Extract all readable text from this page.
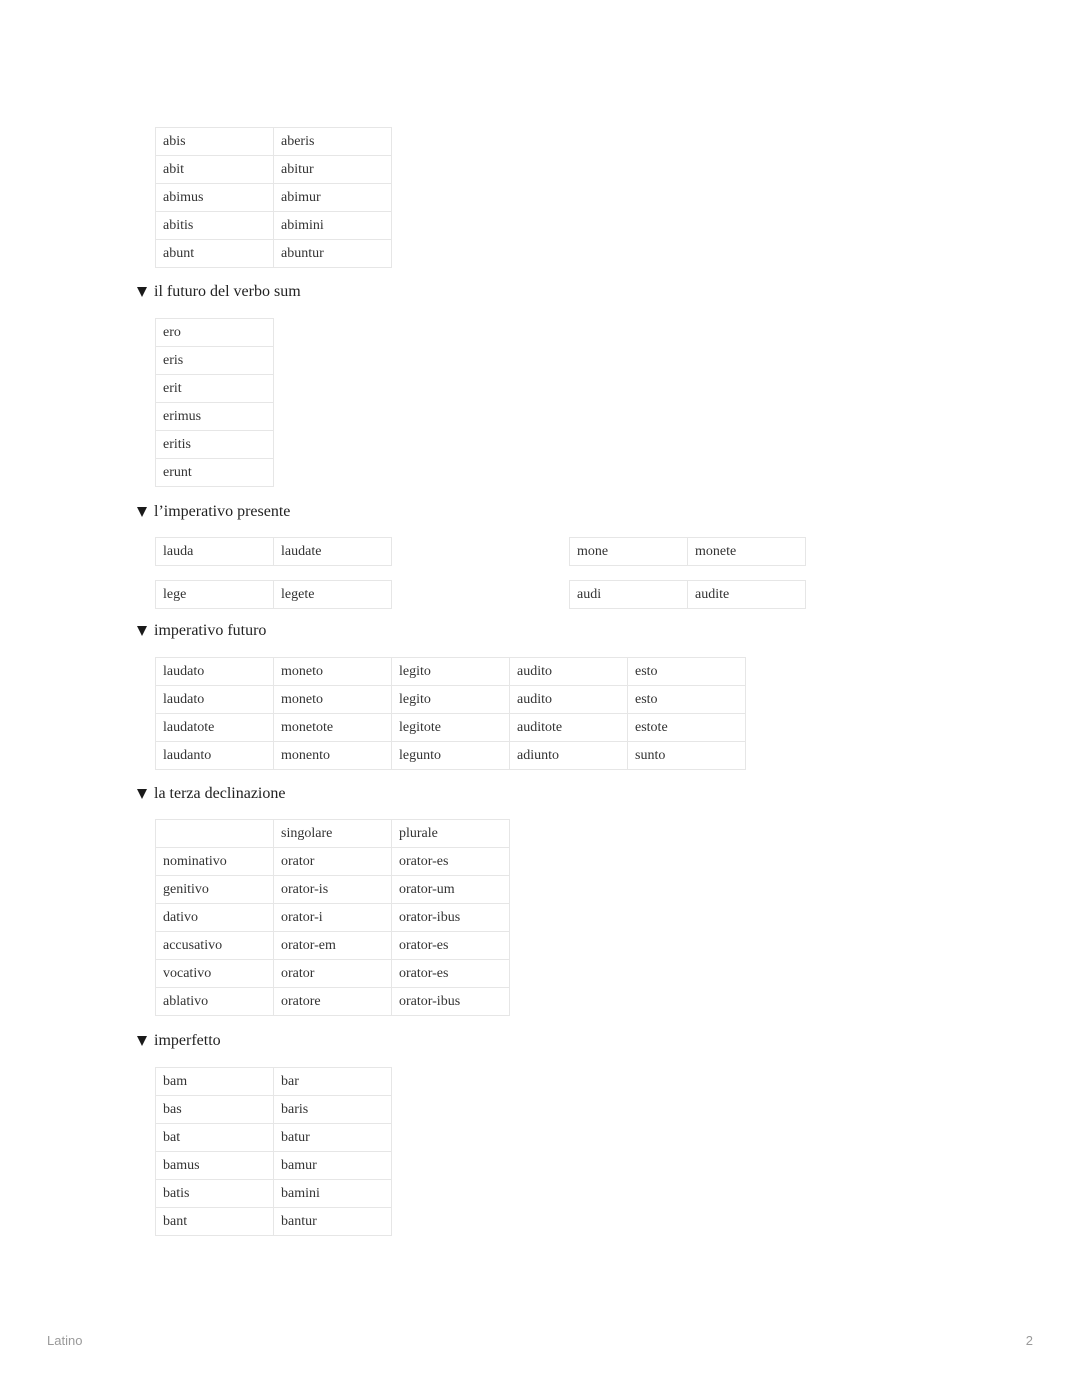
abis	aberis
abit	abitur
abimus	abimur
abitis	abimini
abunt	abuntur
il futuro del verbo sum
ero
eris
erit
erimus
eritis
erunt
l’imperativo presente
lauda	laudate	mone	monete
lege	legete	audi	audite
imperativo futuro
laudato	moneto	legito	audito	esto
laudato	moneto	legito	audito	esto
laudatote	monetote	legitote	auditote	estote
laudanto	monento	legunto	adiunto	sunto
la terza declinazione
	singolare	plurale
nominativo	orator	orator-es
genitivo	orator-is	orator-um
dativo	orator-i	orator-ibus
accusativo	orator-em	orator-es
vocativo	orator	orator-es
ablativo	oratore	orator-ibus
imperfetto
bam	bar
bas	baris
bat	batur
bamus	bamur
batis	bamini
bant	bantur
Latino	2
